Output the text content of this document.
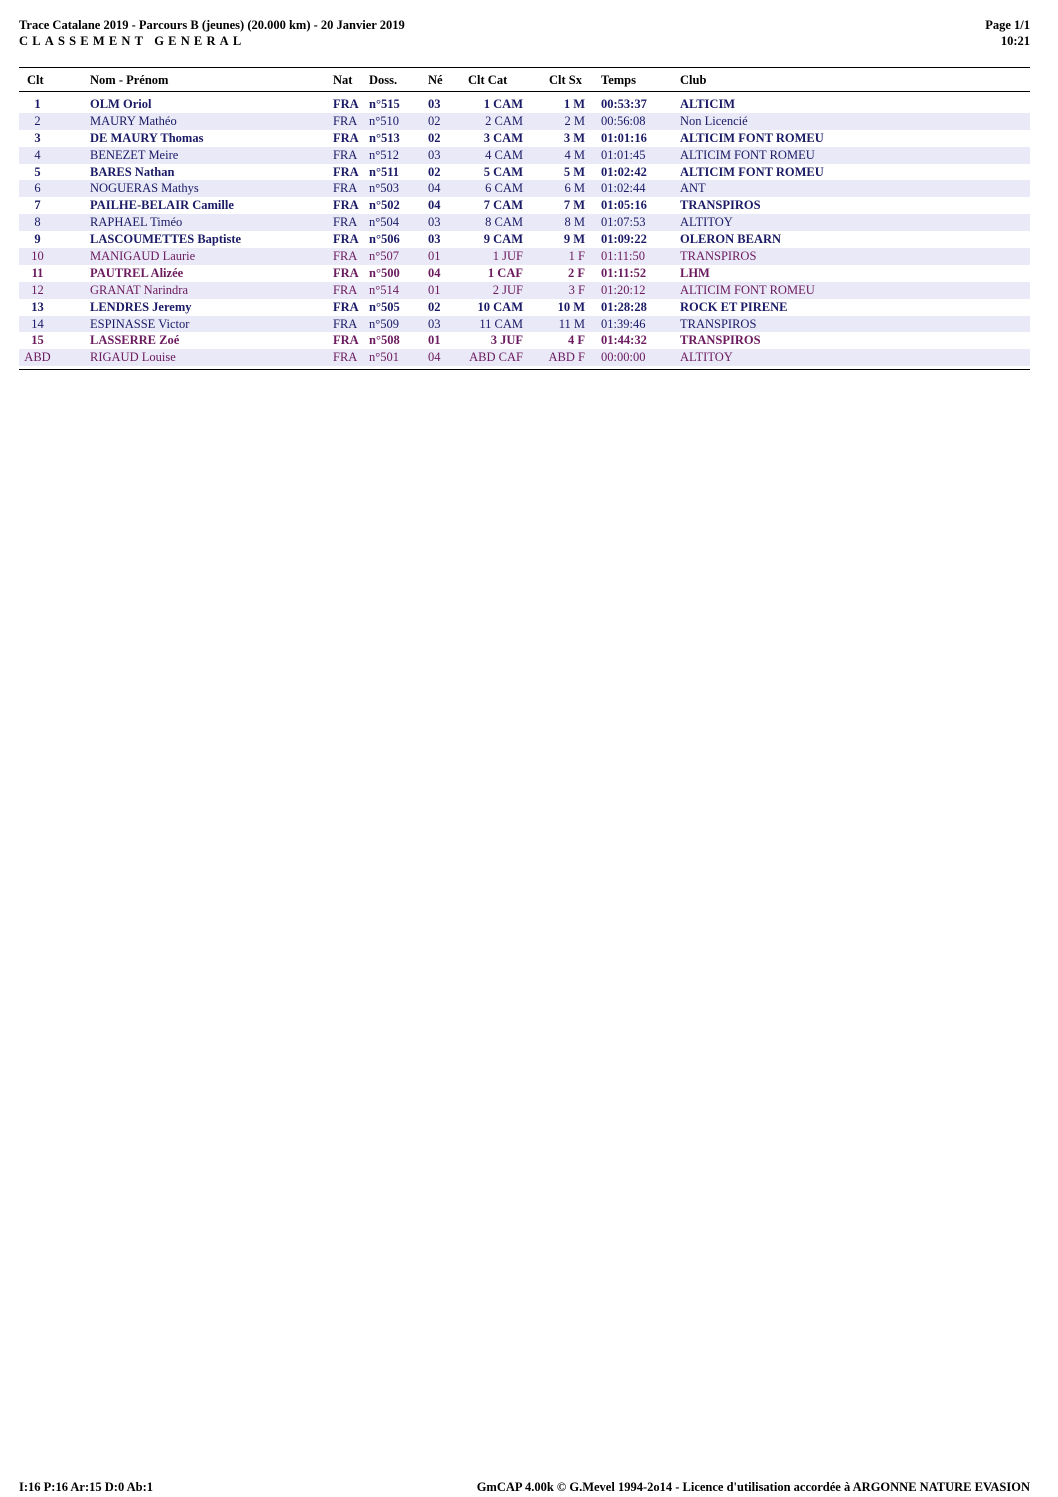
Trace Catalane 2019 - Parcours B (jeunes) (20.000 km) - 20 Janvier 2019
CLASSEMENT GENERAL
Page 1/1
10:21
Clt	Nom - Prénom	Nat Doss. Né Clt Cat	Clt Sx Temps	Club
1	OLM Oriol	FRA n°515 03	1 CAM	1 M 00:53:37	ALTICIM
2	MAURY Mathéo	FRA n°510 02	2 CAM	2 M 00:56:08	Non Licencié
3	DE MAURY Thomas	FRA n°513 02	3 CAM	3 M 01:01:16	ALTICIM FONT ROMEU
4	BENEZET Meire	FRA n°512 03	4 CAM	4 M 01:01:45	ALTICIM FONT ROMEU
5	BARES Nathan	FRA n°511 02	5 CAM	5 M 01:02:42	ALTICIM FONT ROMEU
6	NOGUERAS Mathys	FRA n°503 04	6 CAM	6 M 01:02:44	ANT
7	PAILHE-BELAIR Camille	FRA n°502 04	7 CAM	7 M 01:05:16	TRANSPIROS
8	RAPHAEL Timéo	FRA n°504 03	8 CAM	8 M 01:07:53	ALTITOY
9	LASCOUMETTES Baptiste	FRA n°506 03	9 CAM	9 M 01:09:22	OLERON BEARN
10	MANIGAUD Laurie	FRA n°507 01	1 JUF	1 F 01:11:50	TRANSPIROS
11	PAUTREL Alizée	FRA n°500 04	1 CAF	2 F 01:11:52	LHM
12	GRANAT Narindra	FRA n°514 01	2 JUF	3 F 01:20:12	ALTICIM FONT ROMEU
13	LENDRES Jeremy	FRA n°505 02	10 CAM	10 M 01:28:28	ROCK ET PIRENE
14	ESPINASSE Victor	FRA n°509 03	11 CAM	11 M 01:39:46	TRANSPIROS
15	LASSERRE Zoé	FRA n°508 01	3 JUF	4 F 01:44:32	TRANSPIROS
ABD	RIGAUD Louise	FRA n°501 04	ABD CAF	ABD F 00:00:00	ALTITOY
I:16 P:16 Ar:15 D:0 Ab:1	GmCAP 4.00k © G.Mevel 1994-2o14 - Licence d'utilisation accordée à ARGONNE NATURE EVASION
